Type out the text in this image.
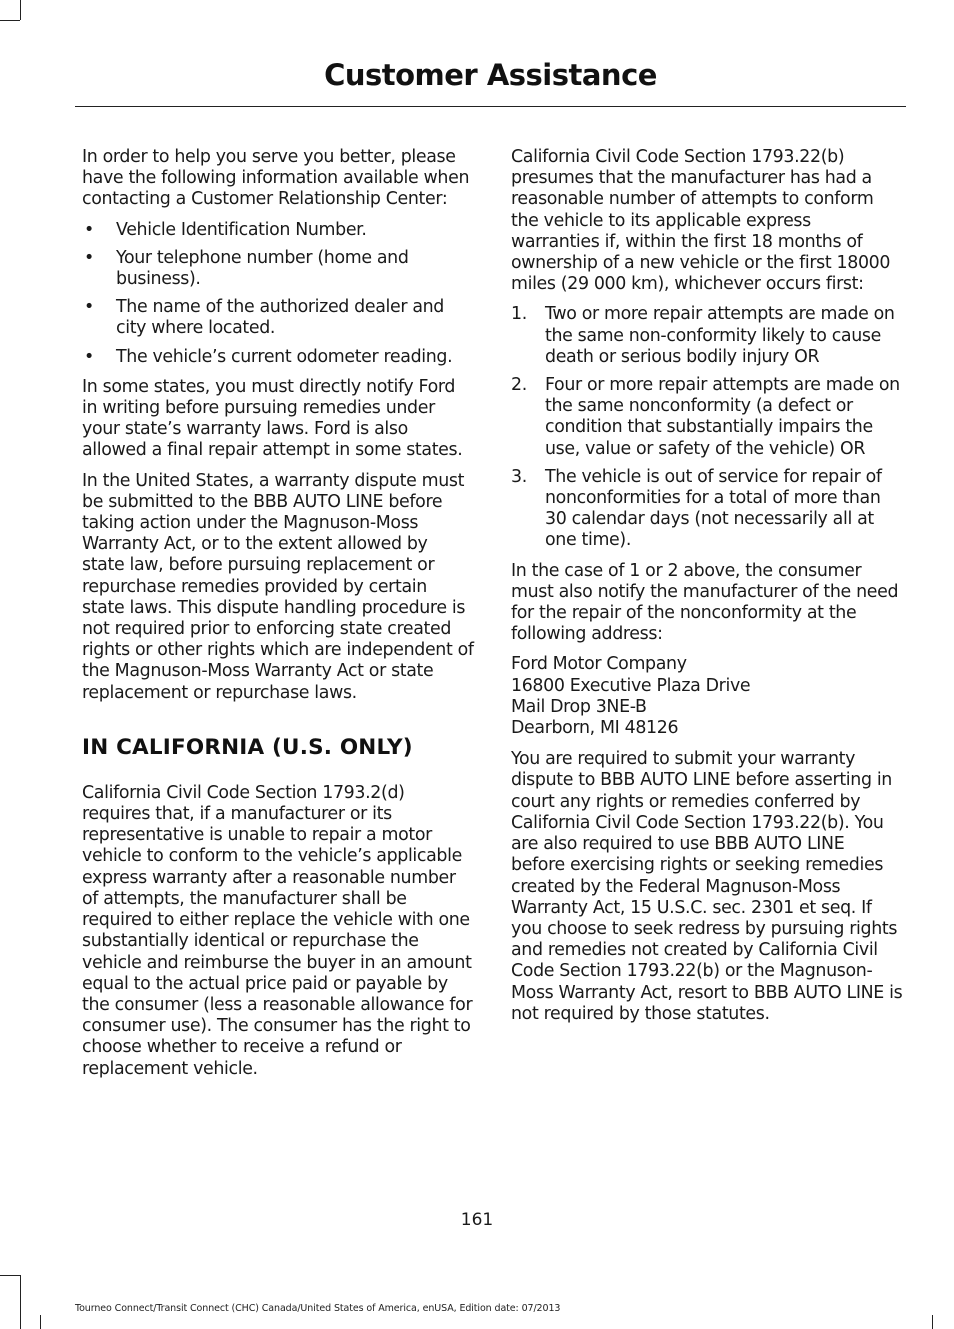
Customer Assistance

In order to help you serve you better, please have the following information available when contacting a Customer Relationship Center:

• Vehicle Identification Number.
• Your telephone number (home and business).
• The name of the authorized dealer and city where located.
• The vehicle’s current odometer reading.

In some states, you must directly notify Ford in writing before pursuing remedies under your state’s warranty laws. Ford is also allowed a final repair attempt in some states.

In the United States, a warranty dispute must be submitted to the BBB AUTO LINE before taking action under the Magnuson-Moss Warranty Act, or to the extent allowed by state law, before pursuing replacement or repurchase remedies provided by certain state laws. This dispute handling procedure is not required prior to enforcing state created rights or other rights which are independent of the Magnuson-Moss Warranty Act or state replacement or repurchase laws.

IN CALIFORNIA (U.S. ONLY)

California Civil Code Section 1793.2(d) requires that, if a manufacturer or its representative is unable to repair a motor vehicle to conform to the vehicle’s applicable express warranty after a reasonable number of attempts, the manufacturer shall be required to either replace the vehicle with one substantially identical or repurchase the vehicle and reimburse the buyer in an amount equal to the actual price paid or payable by the consumer (less a reasonable allowance for consumer use). The consumer has the right to choose whether to receive a refund or replacement vehicle.

California Civil Code Section 1793.22(b) presumes that the manufacturer has had a reasonable number of attempts to conform the vehicle to its applicable express warranties if, within the first 18 months of ownership of a new vehicle or the first 18000 miles (29 000 km), whichever occurs first:

1. Two or more repair attempts are made on the same non-conformity likely to cause death or serious bodily injury OR
2. Four or more repair attempts are made on the same nonconformity (a defect or condition that substantially impairs the use, value or safety of the vehicle) OR
3. The vehicle is out of service for repair of nonconformities for a total of more than 30 calendar days (not necessarily all at one time).

In the case of 1 or 2 above, the consumer must also notify the manufacturer of the need for the repair of the nonconformity at the following address:

Ford Motor Company
16800 Executive Plaza Drive
Mail Drop 3NE-B
Dearborn, MI 48126

You are required to submit your warranty dispute to BBB AUTO LINE before asserting in court any rights or remedies conferred by California Civil Code Section 1793.22(b). You are also required to use BBB AUTO LINE before exercising rights or seeking remedies created by the Federal Magnuson-Moss Warranty Act, 15 U.S.C. sec. 2301 et seq. If you choose to seek redress by pursuing rights and remedies not created by California Civil Code Section 1793.22(b) or the Magnuson-Moss Warranty Act, resort to BBB AUTO LINE is not required by those statutes.

161
Tourneo Connect/Transit Connect (CHC) Canada/United States of America, enUSA, Edition date: 07/2013
